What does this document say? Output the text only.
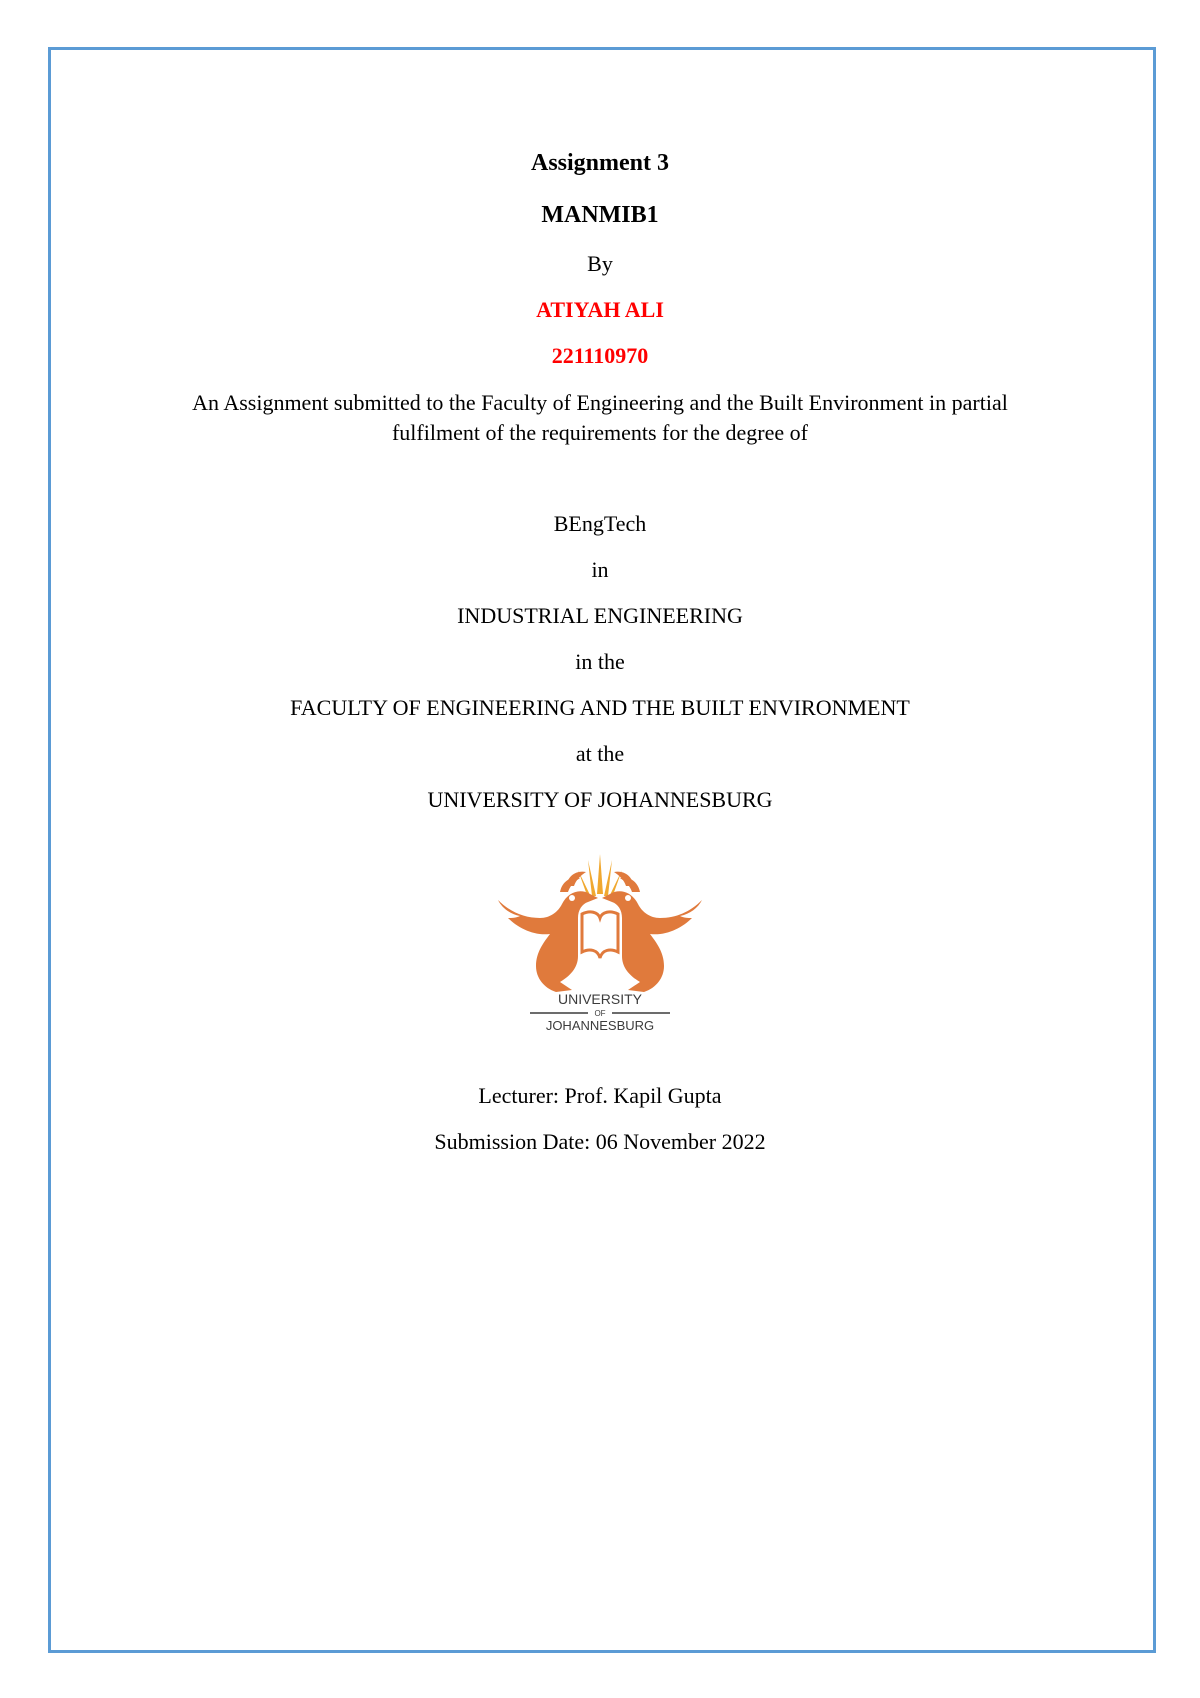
Assignment 3
MANMIB1
By
ATIYAH ALI
221110970
An Assignment submitted to the Faculty of Engineering and the Built Environment in partial
fulfilment of the requirements for the degree of
BEngTech
in
INDUSTRIAL ENGINEERING
in the
FACULTY OF ENGINEERING AND THE BUILT ENVIRONMENT
at the
UNIVERSITY OF JOHANNESBURG
UNIVERSITY
OF
JOHANNESBURG
Lecturer: Prof. Kapil Gupta
Submission Date: 06 November 2022
